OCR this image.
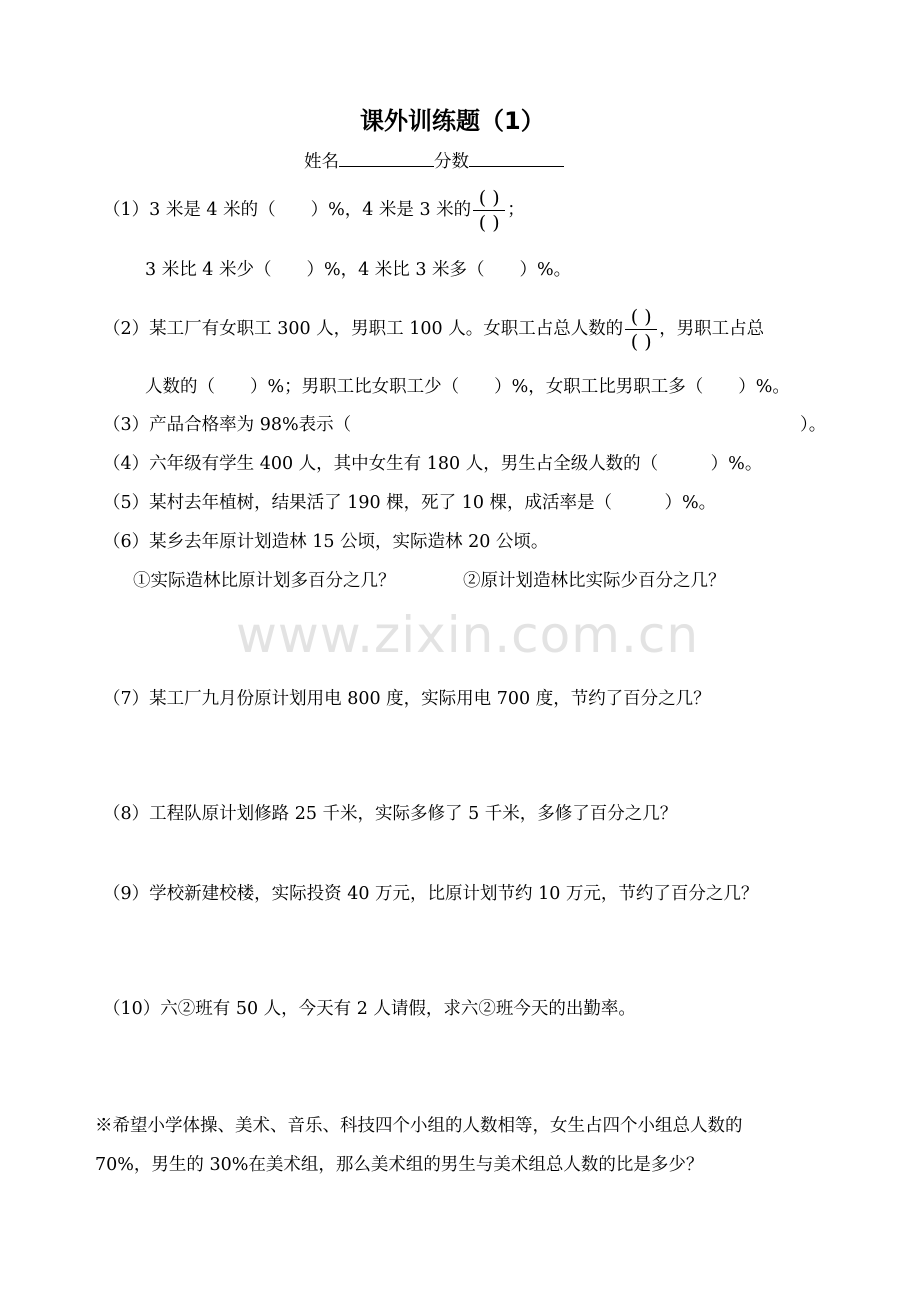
课外训练题（1）
姓名	分数
（1）3 米是 4 米的（　　）%，4 米是 3 米的 $\frac{( )}{( )}$ ；
3 米比 4 米少（　　）%，4 米比 3 米多（　　）%。
（2）某工厂有女职工 300 人，男职工 100 人。女职工占总人数的 $\frac{( )}{( )}$ ，男职工占总
人数的（　　）%；男职工比女职工少（　　）%，女职工比男职工多（　　）%。
（3）产品合格率为 98%表示（	）。
（4）六年级有学生 400 人，其中女生有 180 人，男生占全级人数的（　　　）%。
（5）某村去年植树，结果活了 190 棵，死了 10 棵，成活率是（　　　）%。
（6）某乡去年原计划造林 15 公顷，实际造林 20 公顷。
①实际造林比原计划多百分之几？	②原计划造林比实际少百分之几？
www.zixin.com.cn
（7）某工厂九月份原计划用电 800 度，实际用电 700 度，节约了百分之几？
（8）工程队原计划修路 25 千米，实际多修了 5 千米，多修了百分之几？
（9）学校新建校楼，实际投资 40 万元，比原计划节约 10 万元，节约了百分之几？
（10）六②班有 50 人，今天有 2 人请假，求六②班今天的出勤率。
※希望小学体操、美术、音乐、科技四个小组的人数相等，女生占四个小组总人数的
70%，男生的 30%在美术组，那么美术组的男生与美术组总人数的比是多少？
